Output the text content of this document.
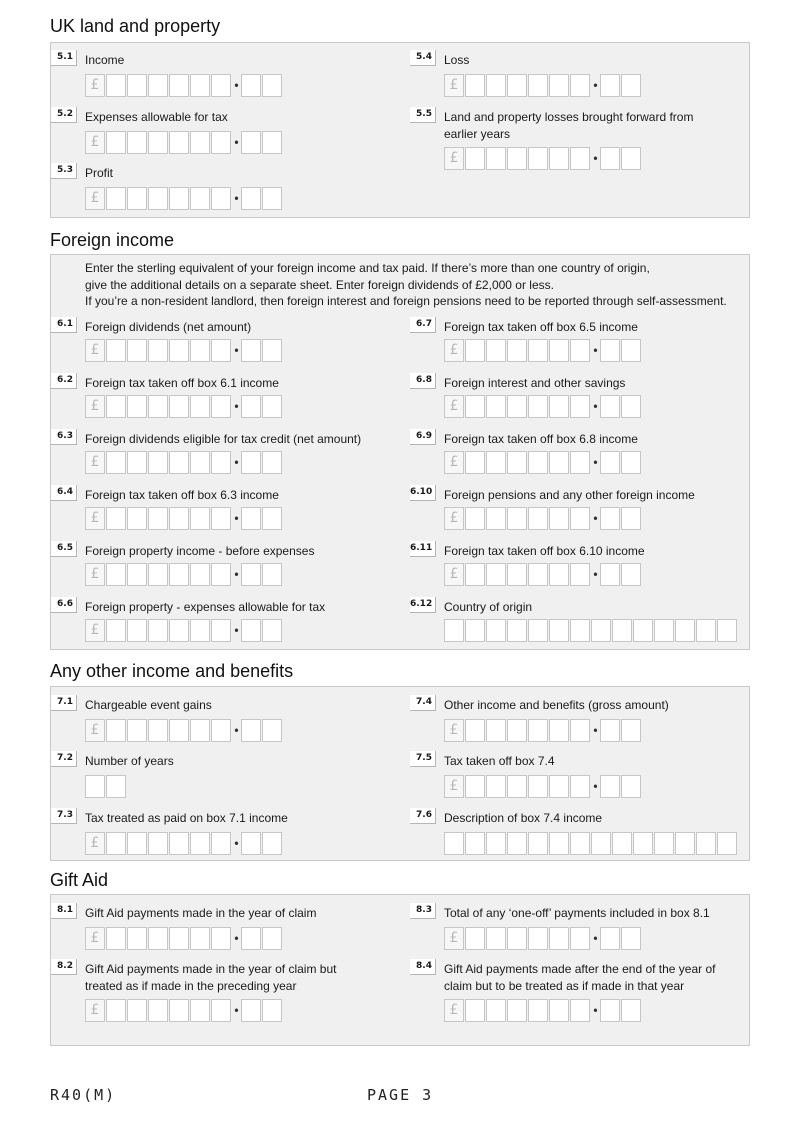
UK land and property
5.1	Income
£	•
5.2	Expenses allowable for tax
£	•
5.3	Profit
£	•
5.4	Loss
£	•
5.5	Land and property losses brought forward from earlier years
£	•
Foreign income
Enter the sterling equivalent of your foreign income and tax paid. If there’s more than one country of origin,
give the additional details on a separate sheet. Enter foreign dividends of £2,000 or less.
If you’re a non-resident landlord, then foreign interest and foreign pensions need to be reported through self-assessment.
6.1	Foreign dividends (net amount)
£	•
6.2	Foreign tax taken off box 6.1 income
£	•
6.3	Foreign dividends eligible for tax credit (net amount)
£	•
6.4	Foreign tax taken off box 6.3 income
£	•
6.5	Foreign property income - before expenses
£	•
6.6	Foreign property - expenses allowable for tax
£	•
6.7	Foreign tax taken off box 6.5 income
£	•
6.8	Foreign interest and other savings
£	•
6.9	Foreign tax taken off box 6.8 income
£	•
6.10 Foreign pensions and any other foreign income
£	•
6.11 Foreign tax taken off box 6.10 income
£	•
6.12 Country of origin
Any other income and benefits
7.1	Chargeable event gains
£	•
7.2	Number of years
7.3	Tax treated as paid on box 7.1 income
£	•
7.4	Other income and benefits (gross amount)
£	•
7.5	Tax taken off box 7.4
£	•
7.6	Description of box 7.4 income
Gift Aid
8.1	Gift Aid payments made in the year of claim
£	•
8.2	Gift Aid payments made in the year of claim but treated as if made in the preceding year
£	•
8.3	Total of any ‘one-off’ payments included in box 8.1
£	•
8.4	Gift Aid payments made after the end of the year of claim but to be treated as if made in that year
£	•
R40(M)	PAGE 3
